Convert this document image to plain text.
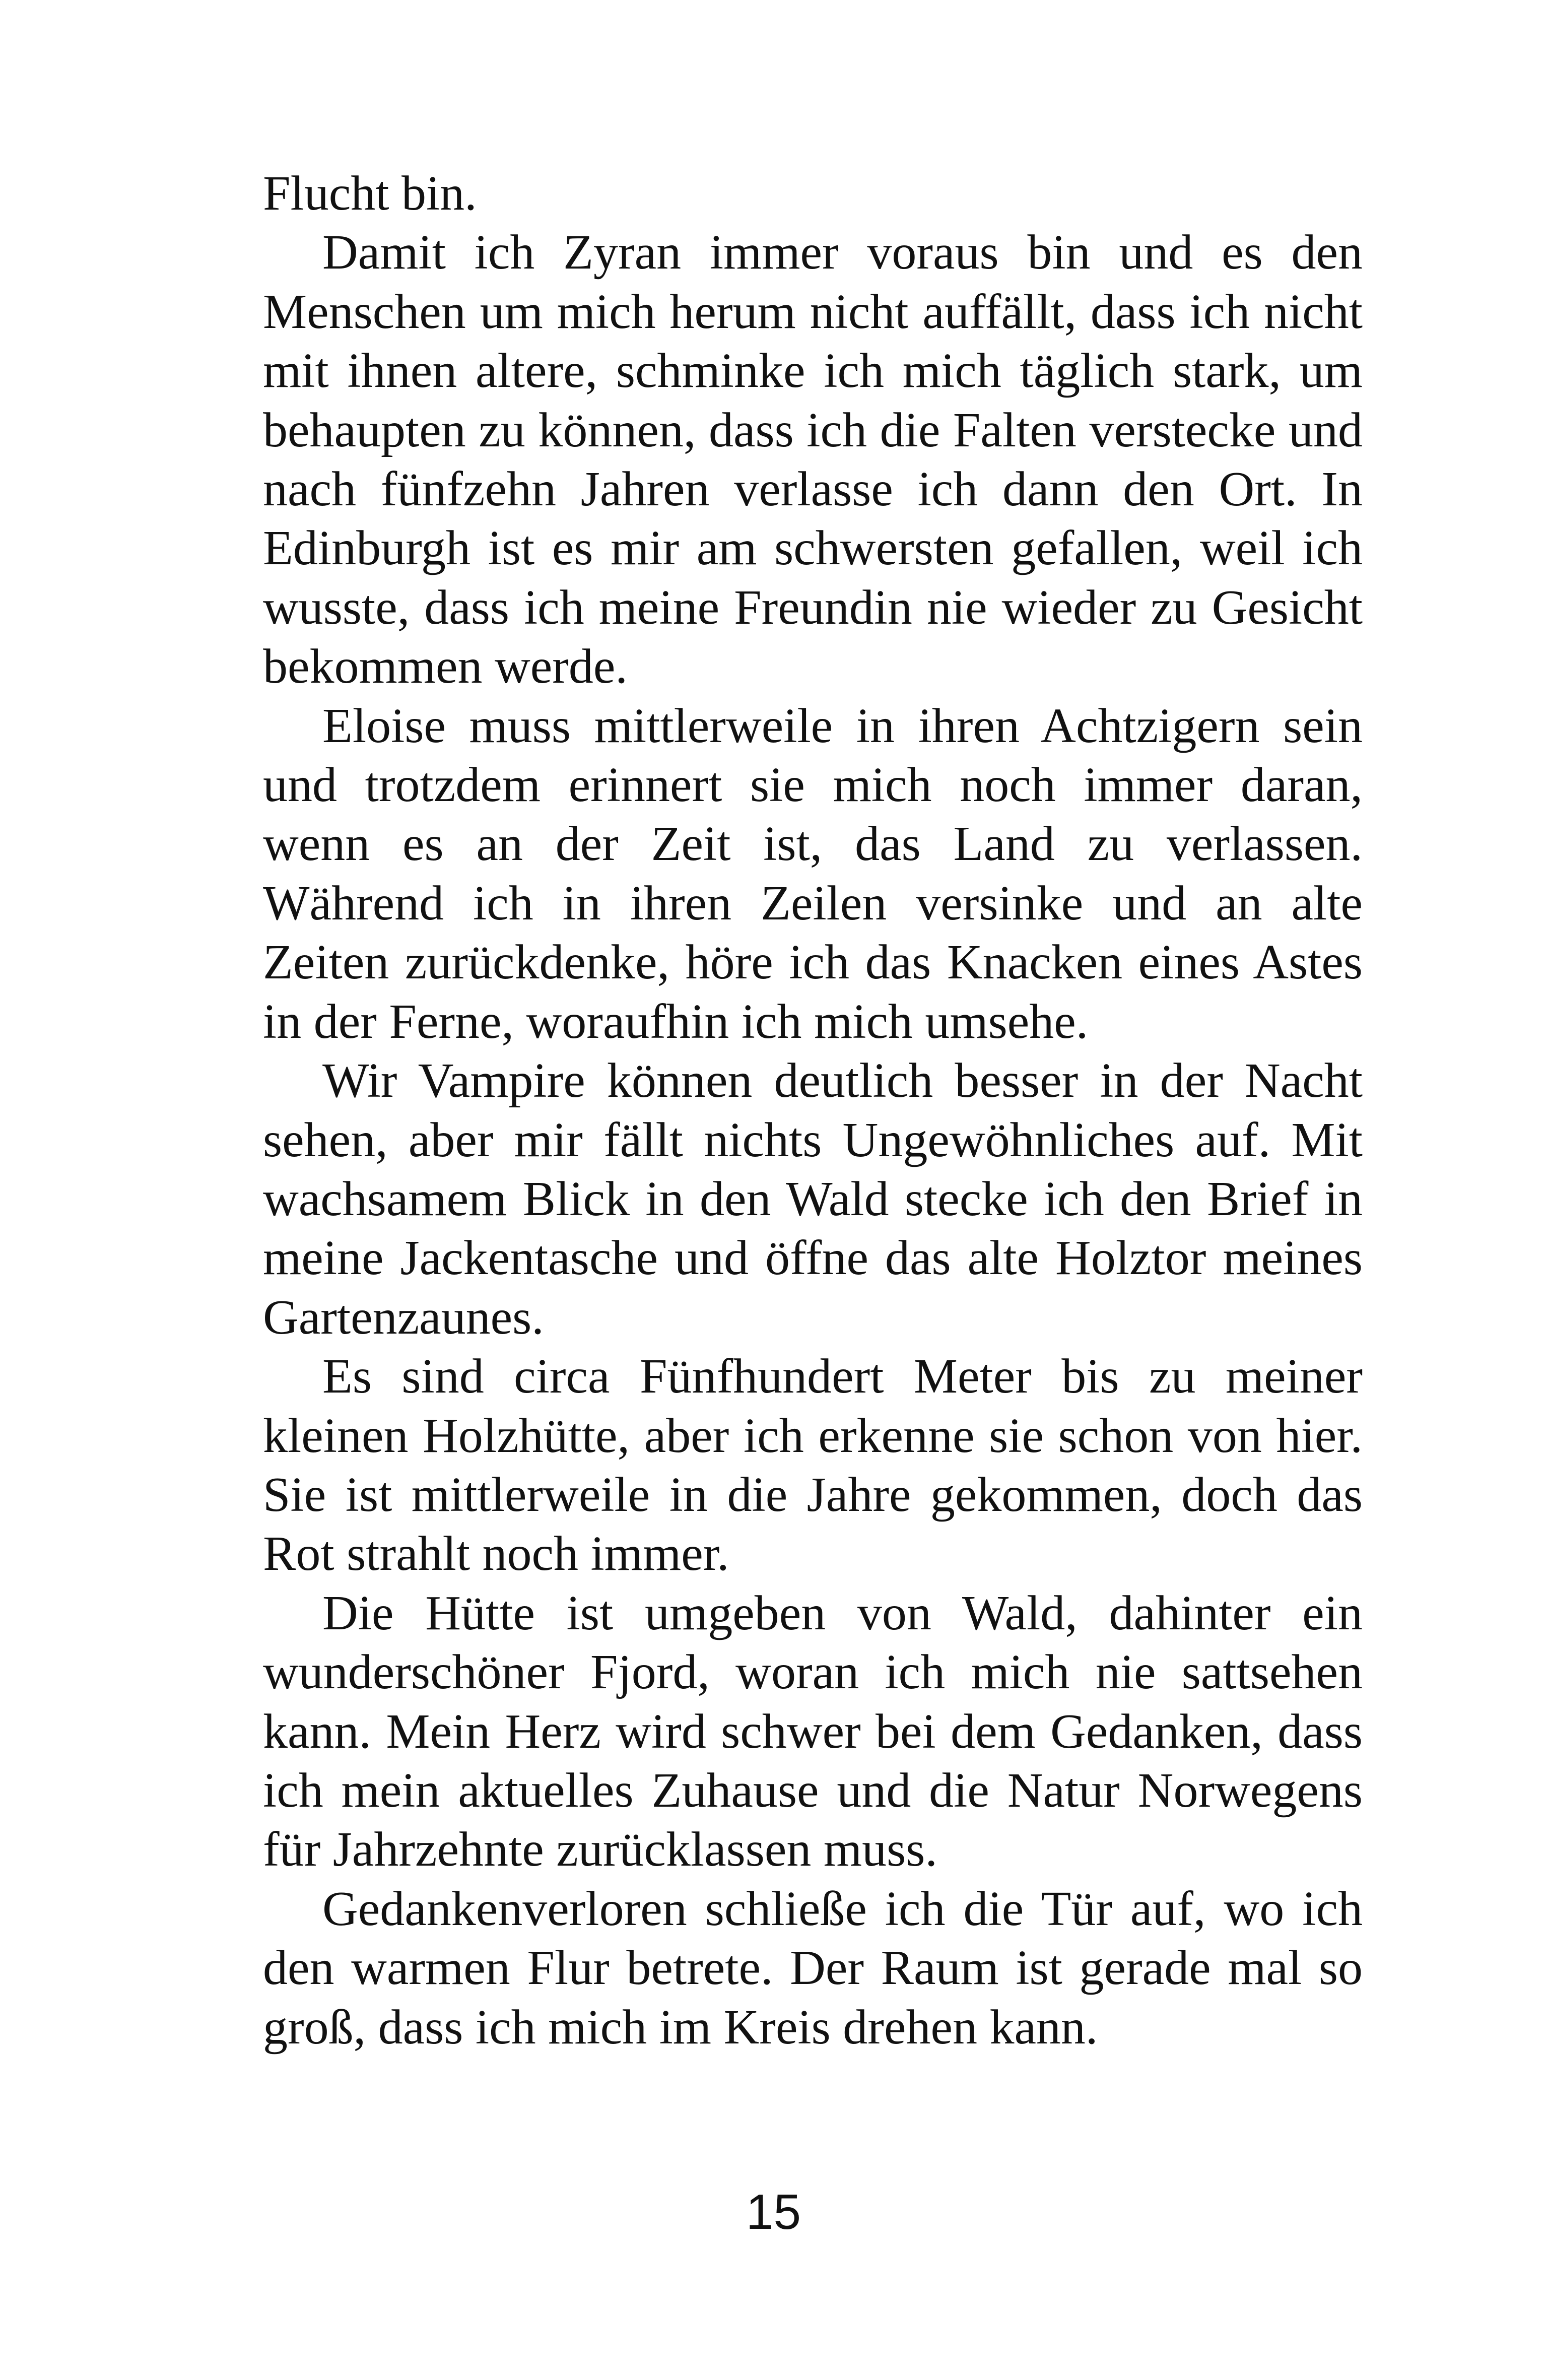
Flucht bin.

Damit ich Zyran immer voraus bin und es den Menschen um mich herum nicht auffällt, dass ich nicht mit ihnen altere, schminke ich mich täglich stark, um behaupten zu können, dass ich die Falten verstecke und nach fünfzehn Jahren verlasse ich dann den Ort. In Edinburgh ist es mir am schwersten gefallen, weil ich wusste, dass ich meine Freundin nie wieder zu Gesicht bekommen werde.

Eloise muss mittlerweile in ihren Achtzigern sein und trotzdem erinnert sie mich noch immer daran, wenn es an der Zeit ist, das Land zu verlassen. Während ich in ihren Zeilen versinke und an alte Zeiten zurückdenke, höre ich das Knacken eines Astes in der Ferne, woraufhin ich mich umsehe.

Wir Vampire können deutlich besser in der Nacht sehen, aber mir fällt nichts Ungewöhnliches auf. Mit wachsamem Blick in den Wald stecke ich den Brief in meine Jackentasche und öffne das alte Holztor meines Gartenzaunes.

Es sind circa Fünfhundert Meter bis zu meiner kleinen Holzhütte, aber ich erkenne sie schon von hier. Sie ist mittlerweile in die Jahre gekommen, doch das Rot strahlt noch immer.

Die Hütte ist umgeben von Wald, dahinter ein wunderschöner Fjord, woran ich mich nie sattsehen kann. Mein Herz wird schwer bei dem Gedanken, dass ich mein aktuelles Zuhause und die Natur Norwegens für Jahrzehnte zurücklassen muss.

Gedankenverloren schließe ich die Tür auf, wo ich den warmen Flur betrete. Der Raum ist gerade mal so groß, dass ich mich im Kreis drehen kann.

15
